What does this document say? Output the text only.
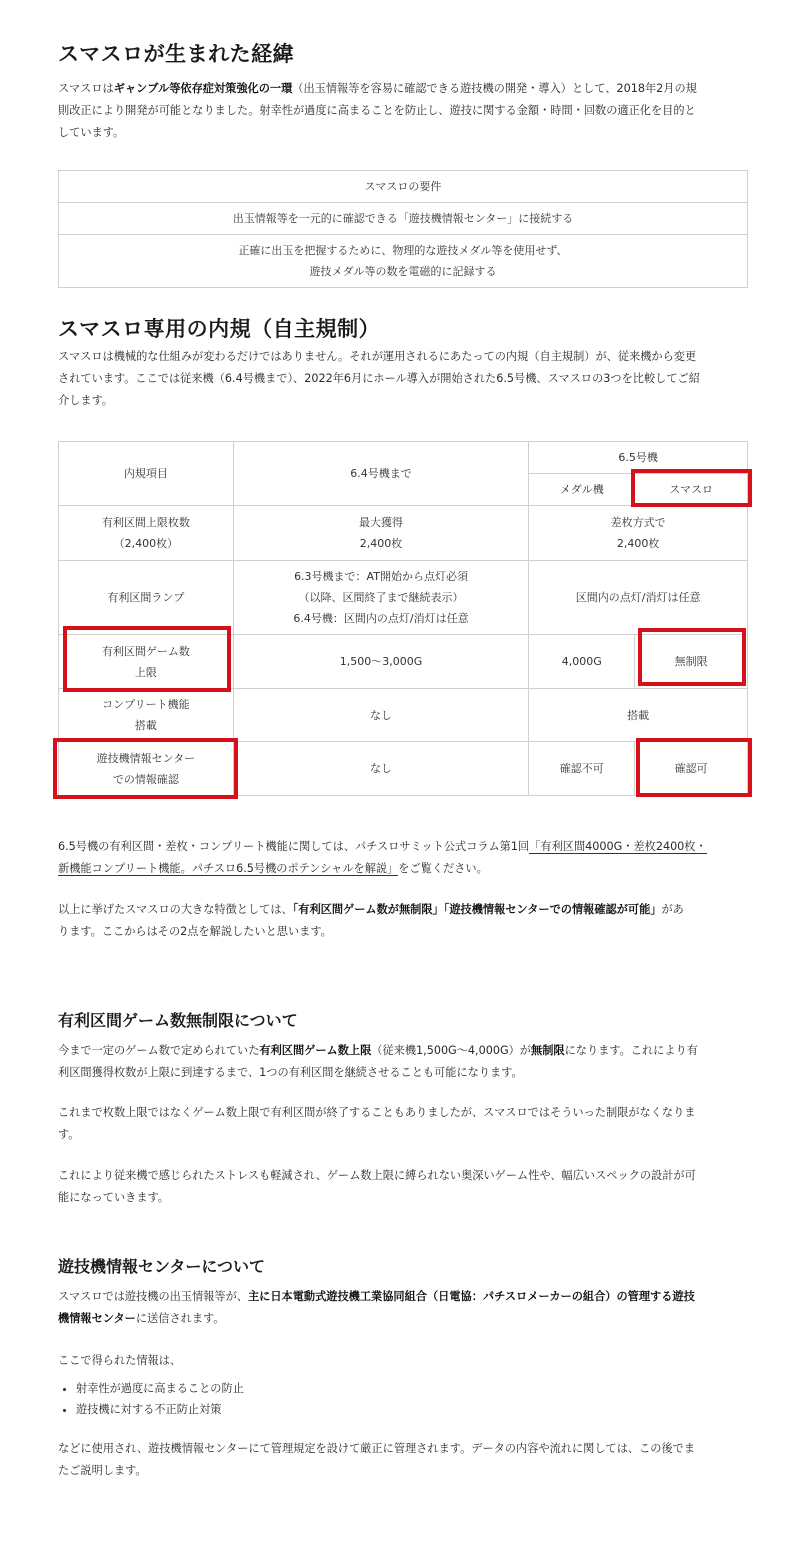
スマスロが生まれた経緯

スマスロはギャンブル等依存症対策強化の一環（出玉情報等を容易に確認できる遊技機の開発・導入）として、2018年2月の規
則改正により開発が可能となりました。射幸性が過度に高まることを防止し、遊技に関する金額・時間・回数の適正化を目的と
しています。

スマスロの要件
出玉情報等を一元的に確認できる「遊技機情報センター」に接続する
正確に出玉を把握するために、物理的な遊技メダル等を使用せず、
遊技メダル等の数を電磁的に記録する
スマスロ専用の内規（自主規制）

スマスロは機械的な仕組みが変わるだけではありません。それが運用されるにあたっての内規（自主規制）が、従来機から変更
されています。ここでは従来機（6.4号機まで）、2022年6月にホール導入が開始された6.5号機、スマスロの3つを比較してご紹
介します。

内規項目	6.4号機まで	6.5号機	
		メダル機	スマスロ
有利区間上限枚数
（2,400枚）	最大獲得
2,400枚	差枚方式で
2,400枚	
有利区間ランプ	6.3号機まで：AT開始から点灯必須
（以降、区間終了まで継続表示）
6.4号機：区間内の点灯/消灯は任意	区間内の点灯/消灯は任意	
有利区間ゲーム数
上限	1,500～3,000G	4,000G	無制限
コンプリート機能
搭載	なし	搭載	
遊技機情報センター
での情報確認	なし	確認不可	確認可

6.5号機の有利区間・差枚・コンプリート機能に関しては、パチスロサミット公式コラム第1回「有利区間4000G・差枚2400枚・
新機能コンプリート機能。パチスロ6.5号機のポテンシャルを解説」をご覧ください。

以上に挙げたスマスロの大きな特徴としては、「有利区間ゲーム数が無制限」「遊技機情報センターでの情報確認が可能」があ
ります。ここからはその2点を解説したいと思います。

有利区間ゲーム数無制限について

今まで一定のゲーム数で定められていた有利区間ゲーム数上限（従来機1,500G～4,000G）が無制限になります。これにより有
利区間獲得枚数が上限に到達するまで、1つの有利区間を継続させることも可能になります。

これまで枚数上限ではなくゲーム数上限で有利区間が終了することもありましたが、スマスロではそういった制限がなくなりま
す。

これにより従来機で感じられたストレスも軽減され、ゲーム数上限に縛られない奥深いゲーム性や、幅広いスペックの設計が可
能になっていきます。

遊技機情報センターについて

スマスロでは遊技機の出玉情報等が、主に日本電動式遊技機工業協同組合（日電協：パチスロメーカーの組合）の管理する遊技
機情報センターに送信されます。

ここで得られた情報は、

• 射幸性が過度に高まることの防止
• 遊技機に対する不正防止対策

などに使用され、遊技機情報センターにて管理規定を設けて厳正に管理されます。データの内容や流れに関しては、この後でま
たご説明します。
